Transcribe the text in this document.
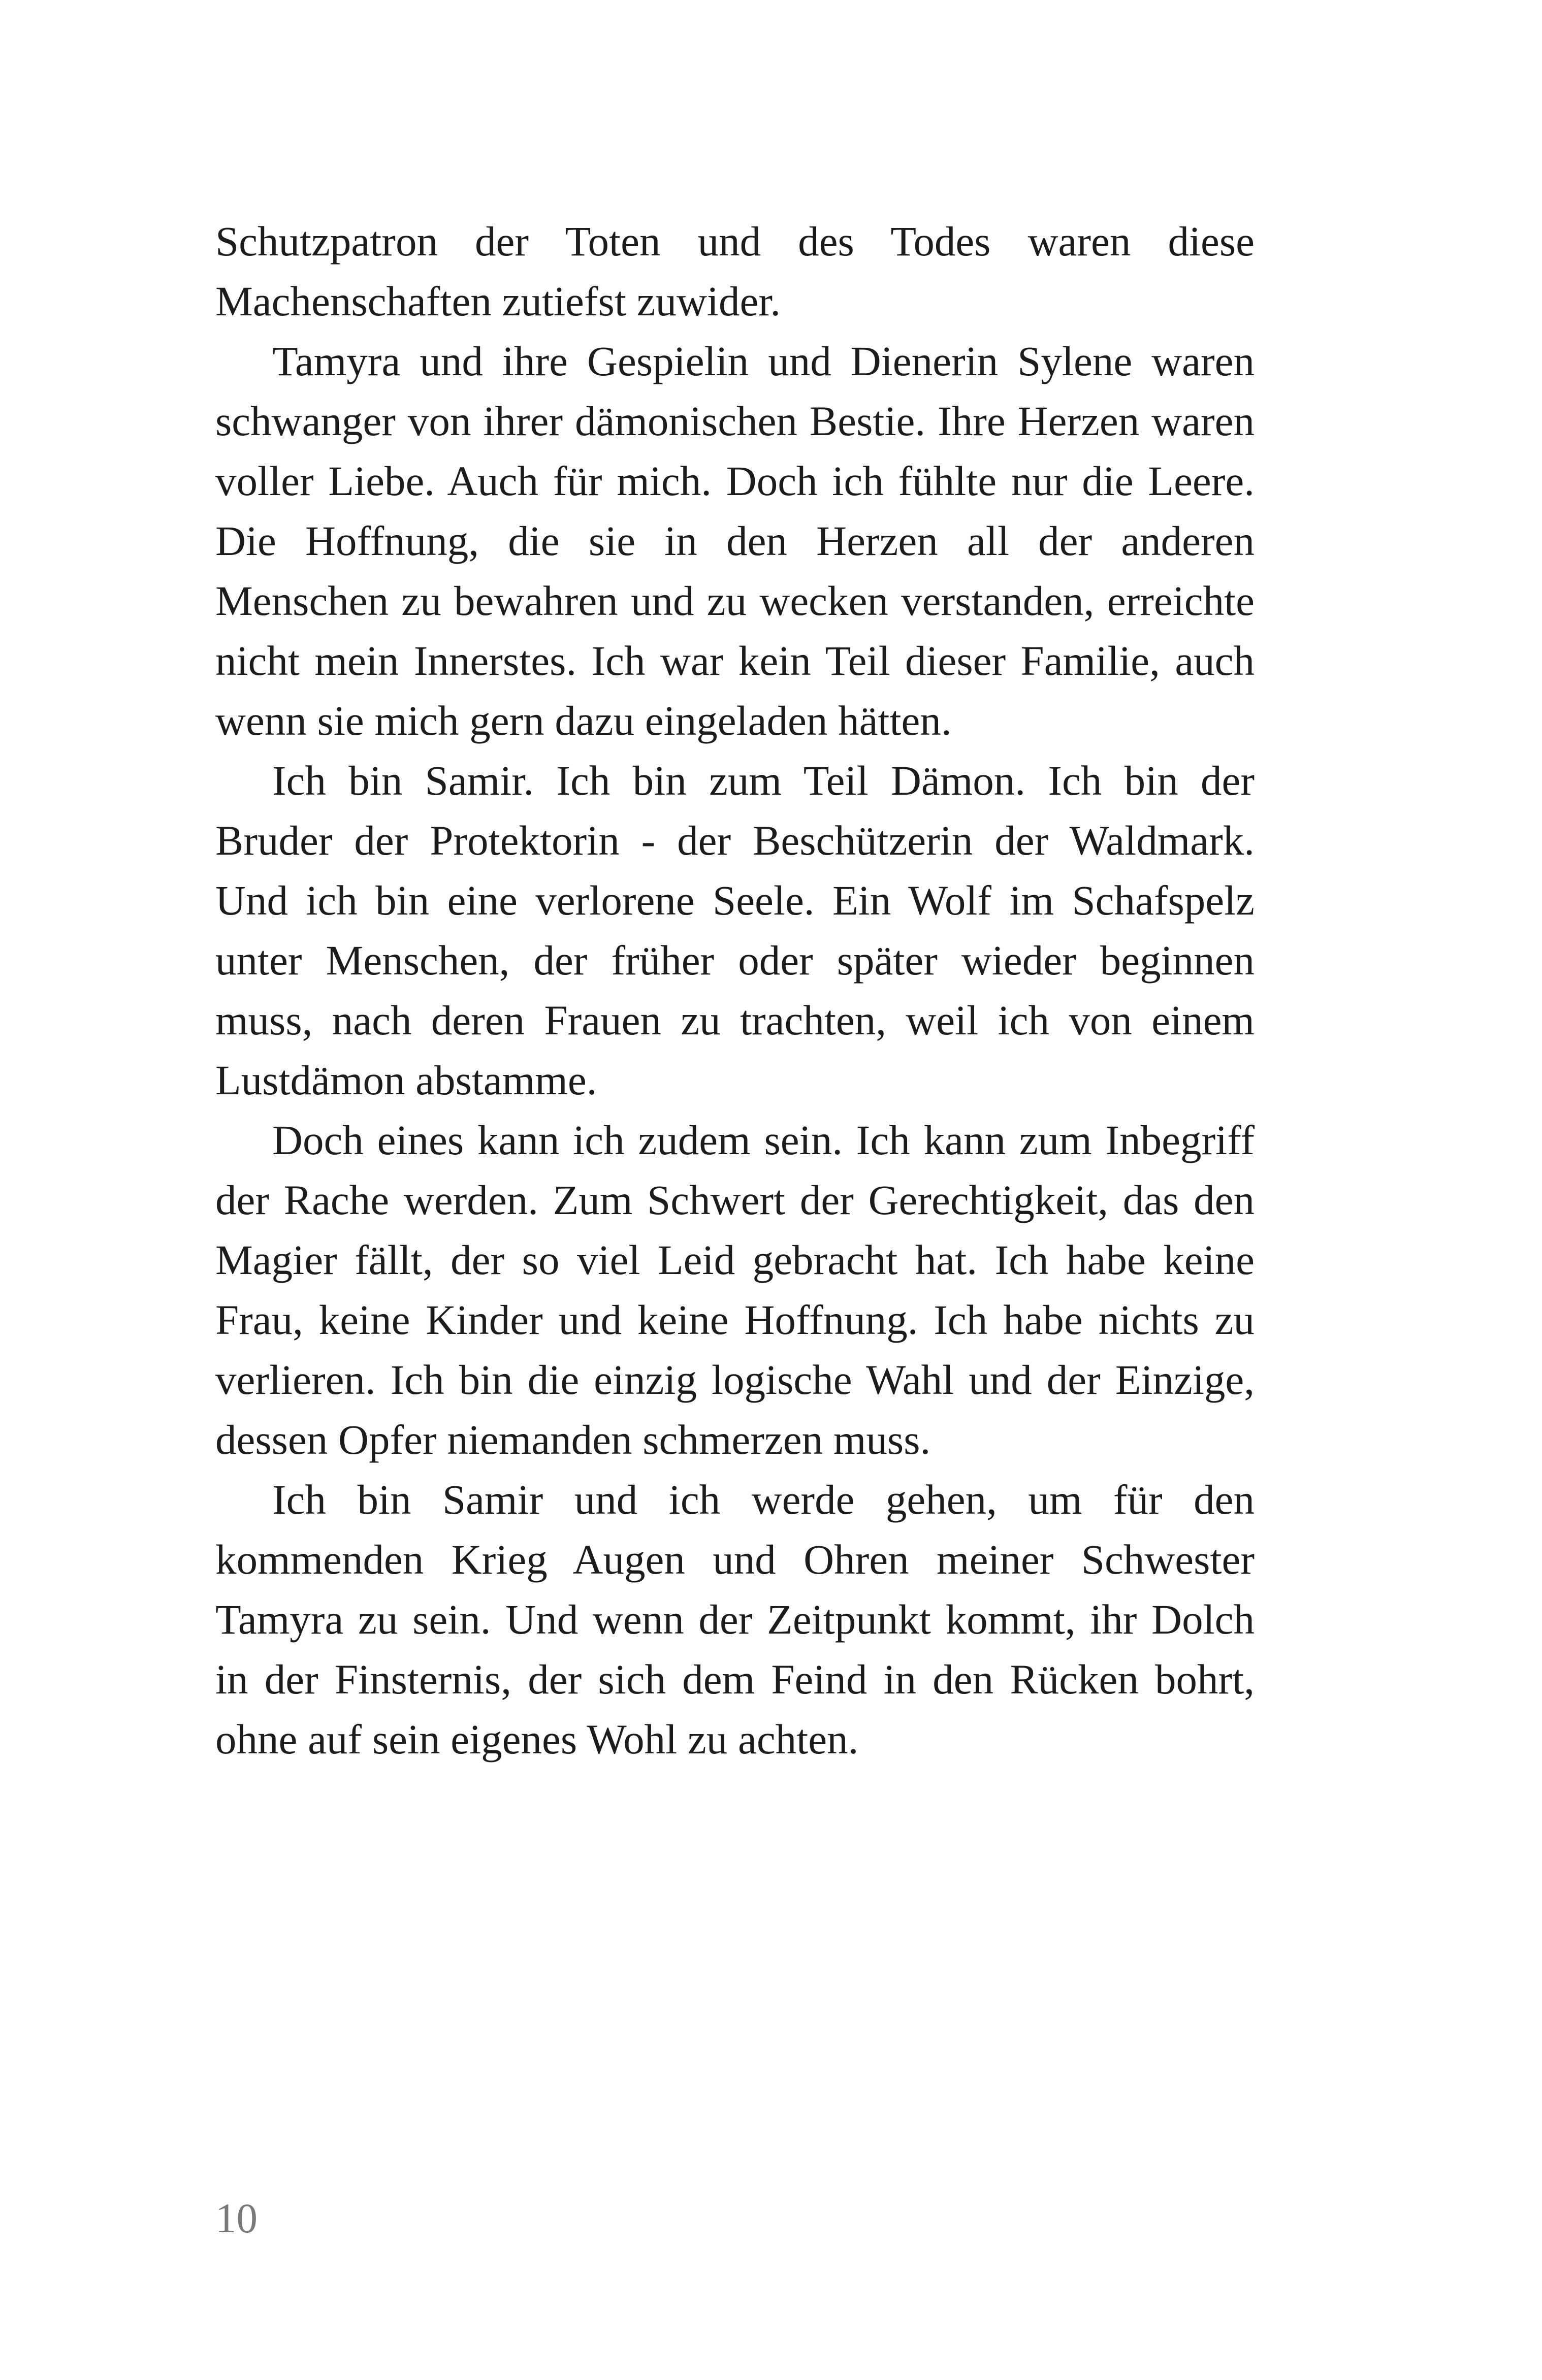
Schutzpatron der Toten und des Todes waren diese Machenschaften zutiefst zuwider.

Tamyra und ihre Gespielin und Dienerin Sylene waren schwanger von ihrer dämonischen Bestie. Ihre Herzen waren voller Liebe. Auch für mich. Doch ich fühlte nur die Leere. Die Hoffnung, die sie in den Herzen all der anderen Menschen zu bewahren und zu wecken verstanden, erreichte nicht mein Innerstes. Ich war kein Teil dieser Familie, auch wenn sie mich gern dazu eingeladen hätten.

Ich bin Samir. Ich bin zum Teil Dämon. Ich bin der Bruder der Protektorin - der Beschützerin der Waldmark. Und ich bin eine verlorene Seele. Ein Wolf im Schafspelz unter Menschen, der früher oder später wieder beginnen muss, nach deren Frauen zu trachten, weil ich von einem Lustdämon abstamme.

Doch eines kann ich zudem sein. Ich kann zum Inbegriff der Rache werden. Zum Schwert der Gerechtigkeit, das den Magier fällt, der so viel Leid gebracht hat. Ich habe keine Frau, keine Kinder und keine Hoffnung. Ich habe nichts zu verlieren. Ich bin die einzig logische Wahl und der Einzige, dessen Opfer niemanden schmerzen muss.

Ich bin Samir und ich werde gehen, um für den kommenden Krieg Augen und Ohren meiner Schwester Tamyra zu sein. Und wenn der Zeitpunkt kommt, ihr Dolch in der Finsternis, der sich dem Feind in den Rücken bohrt, ohne auf sein eigenes Wohl zu achten.

10
